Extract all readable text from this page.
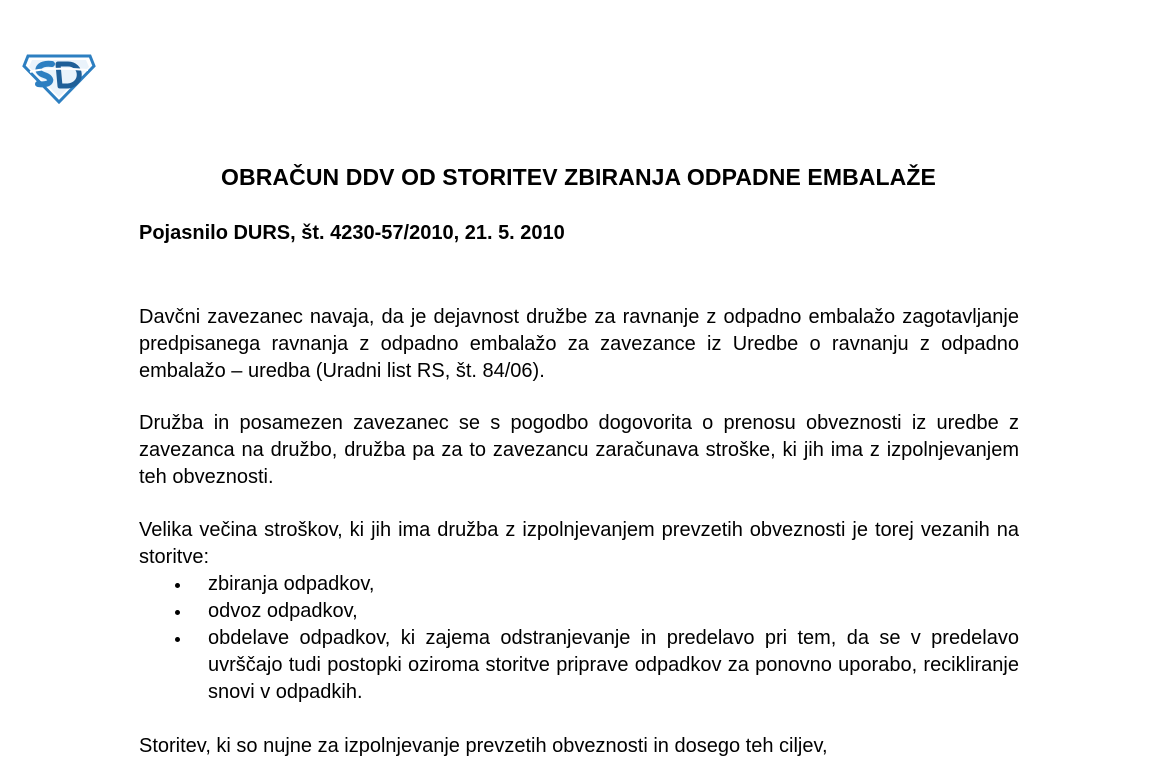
OBRAČUN DDV OD STORITEV ZBIRANJA ODPADNE EMBALAŽE

Pojasnilo DURS, št. 4230-57/2010, 21. 5. 2010

Davčni zavezanec navaja, da je dejavnost družbe za ravnanje z odpadno embalažo zagotavljanje predpisanega ravnanja z odpadno embalažo za zavezance iz Uredbe o ravnanju z odpadno embalažo – uredba (Uradni list RS, št. 84/06).

Družba in posamezen zavezanec se s pogodbo dogovorita o prenosu obveznosti iz uredbe z zavezanca na družbo, družba pa za to zavezancu zaračunava stroške, ki jih ima z izpolnjevanjem teh obveznosti.

Velika večina stroškov, ki jih ima družba z izpolnjevanjem prevzetih obveznosti je torej vezanih na storitve:

zbiranja odpadkov,
odvoz odpadkov,
obdelave odpadkov, ki zajema odstranjevanje in predelavo pri tem, da se v predelavo uvrščajo tudi postopki oziroma storitve priprave odpadkov za ponovno uporabo, recikliranje snovi v odpadkih.

Storitev, ki so nujne za izpolnjevanje prevzetih obveznosti in dosego teh ciljev,
